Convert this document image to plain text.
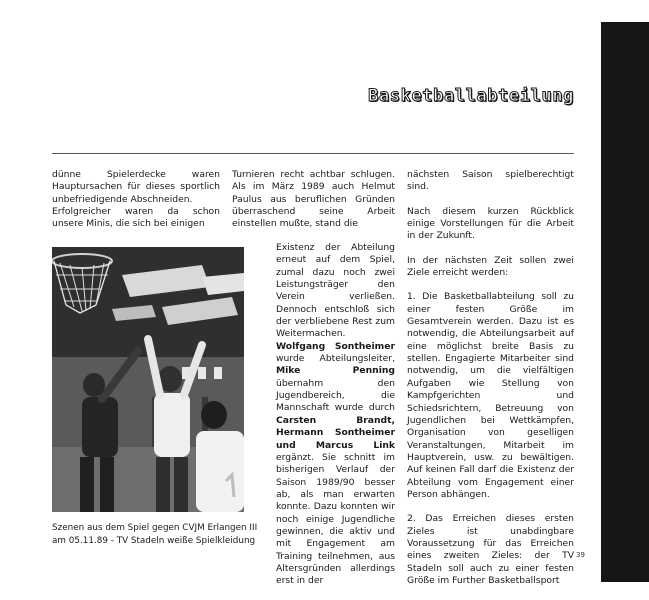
Basketballabteilung

dünne Spielerdecke waren Hauptursachen für dieses sportlich unbefriedigende Abschneiden.

Erfolgreicher waren da schon unsere Minis, die sich bei einigen

Szenen aus dem Spiel gegen CVJM Erlangen III
am 05.11.89 - TV Stadeln weiße Spielkleidung

Turnieren recht achtbar schlugen. Als im März 1989 auch Helmut Paulus aus beruflichen Gründen überraschend seine Arbeit einstellen mußte, stand die

Existenz der Abteilung erneut auf dem Spiel, zumal dazu noch zwei Leistungsträger den Verein verließen. Dennoch entschloß sich der verbliebene Rest zum Weitermachen. Wolfgang Sontheimer wurde Abteilungsleiter, Mike Penning übernahm den Jugendbereich, die Mannschaft wurde durch Carsten Brandt, Hermann Sontheimer und Marcus Link ergänzt. Sie schnitt im bisherigen Verlauf der Saison 1989/90 besser ab, als man erwarten konnte. Dazu konnten wir noch einige Jugendliche gewinnen, die aktiv und mit Engagement am Training teilnehmen, aus Altersgründen allerdings erst in der

nächsten Saison spielberechtigt sind.

Nach diesem kurzen Rückblick einige Vorstellungen für die Arbeit in der Zukunft.

In der nächsten Zeit sollen zwei Ziele erreicht werden:

1. Die Basketballabteilung soll zu einer festen Größe im Gesamtverein werden. Dazu ist es notwendig, die Abteilungsarbeit auf eine möglichst breite Basis zu stellen. Engagierte Mitarbeiter sind notwendig, um die vielfältigen Aufgaben wie Stellung von Kampfgerichten und Schiedsrichtern, Betreuung von Jugendlichen bei Wettkämpfen, Organisation von geselligen Veranstaltungen, Mitarbeit im Hauptverein, usw. zu bewältigen. Auf keinen Fall darf die Existenz der Abteilung vom Engagement einer Person abhängen.

2. Das Erreichen dieses ersten Zieles ist unabdingbare Voraussetzung für das Erreichen eines zweiten Zieles: der TV Stadeln soll auch zu einer festen Größe im Further Basketballsport

39
